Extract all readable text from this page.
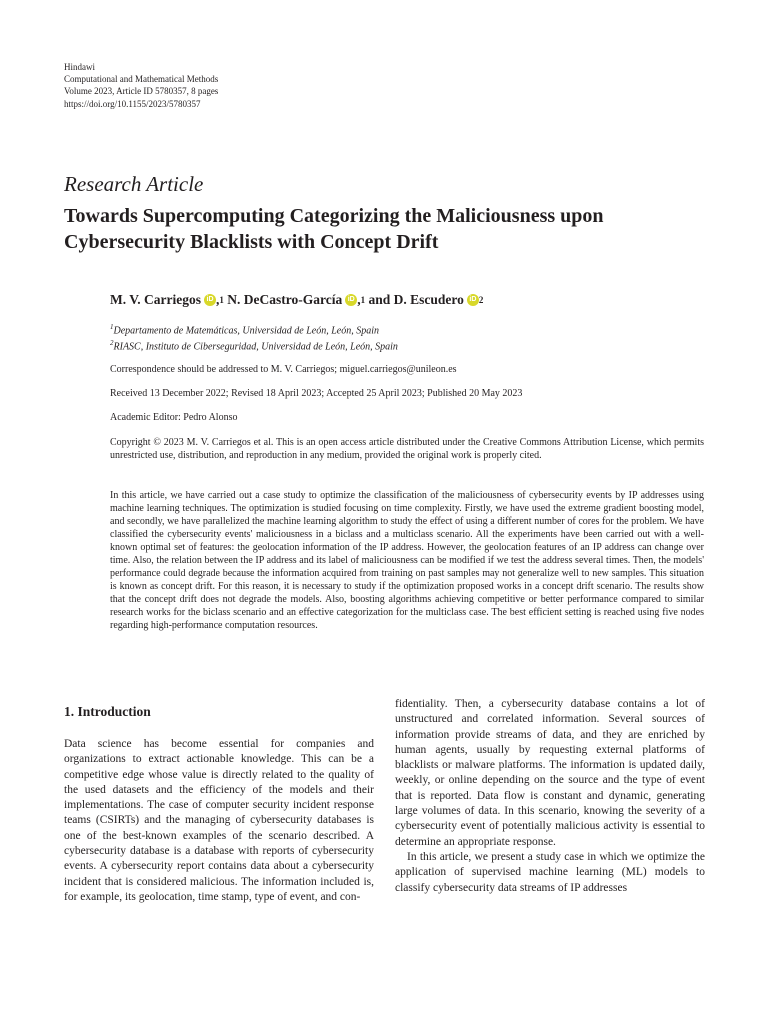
Hindawi
Computational and Mathematical Methods
Volume 2023, Article ID 5780357, 8 pages
https://doi.org/10.1155/2023/5780357
Research Article
Towards Supercomputing Categorizing the Maliciousness upon
Cybersecurity Blacklists with Concept Drift
M. V. Carriegos iD , 1
N. DeCastro-García iD , 1 and D. Escudero iD 2
$^1$Departamento de Matemáticas, Universidad de León, León, Spain
$^2$RIASC, Instituto de Ciberseguridad, Universidad de León, León, Spain
Correspondence should be addressed to M. V. Carriegos; miguel.carriegos@unileon.es
Received 13 December 2022; Revised 18 April 2023; Accepted 25 April 2023; Published 20 May 2023
Academic Editor: Pedro Alonso
Copyright © 2023 M. V. Carriegos et al. This is an open access article distributed under the Creative Commons Attribution License, which permits unrestricted use, distribution, and reproduction in any medium, provided the original work is properly cited.
In this article, we have carried out a case study to optimize the classification of the maliciousness of cybersecurity events by IP addresses using machine learning techniques. The optimization is studied focusing on time complexity. Firstly, we have used the extreme gradient boosting model, and secondly, we have parallelized the machine learning algorithm to study the effect of using a different number of cores for the problem. We have classified the cybersecurity events' maliciousness in a biclass and a multiclass scenario. All the experiments have been carried out with a well-known optimal set of features: the geolocation information of the IP address. However, the geolocation features of an IP address can change over time. Also, the relation between the IP address and its label of maliciousness can be modified if we test the address several times. Then, the models' performance could degrade because the information acquired from training on past samples may not generalize well to new samples. This situation is known as concept drift. For this reason, it is necessary to study if the optimization proposed works in a concept drift scenario. The results show that the concept drift does not degrade the models. Also, boosting algorithms achieving competitive or better performance compared to similar research works for the biclass scenario and an effective categorization for the multiclass case. The best efficient setting is reached using five nodes regarding high-performance computation resources.
1. Introduction

Data science has become essential for companies and organizations to extract actionable knowledge. This can be a competitive edge whose value is directly related to the quality of the used datasets and the efficiency of the models and their implementations. The case of computer security incident response teams (CSIRTs) and the managing of cybersecurity databases is one of the best-known examples of the scenario described. A cybersecurity database is a database with reports of cybersecurity events. A cybersecurity report contains data about a cybersecurity incident that is considered malicious. The information included is, for example, its geolocation, time stamp, type of event, and con-

fidentiality. Then, a cybersecurity database contains a lot of unstructured and correlated information. Several sources of information provide streams of data, and they are enriched by human agents, usually by requesting external platforms of blacklists or malware platforms. The information is updated daily, weekly, or online depending on the source and the type of event that is reported. Data flow is constant and dynamic, generating large volumes of data. In this scenario, knowing the severity of a cybersecurity event of potentially malicious activity is essential to determine an appropriate response.

In this article, we present a study case in which we optimize the application of supervised machine learning (ML) models to classify cybersecurity data streams of IP addresses
